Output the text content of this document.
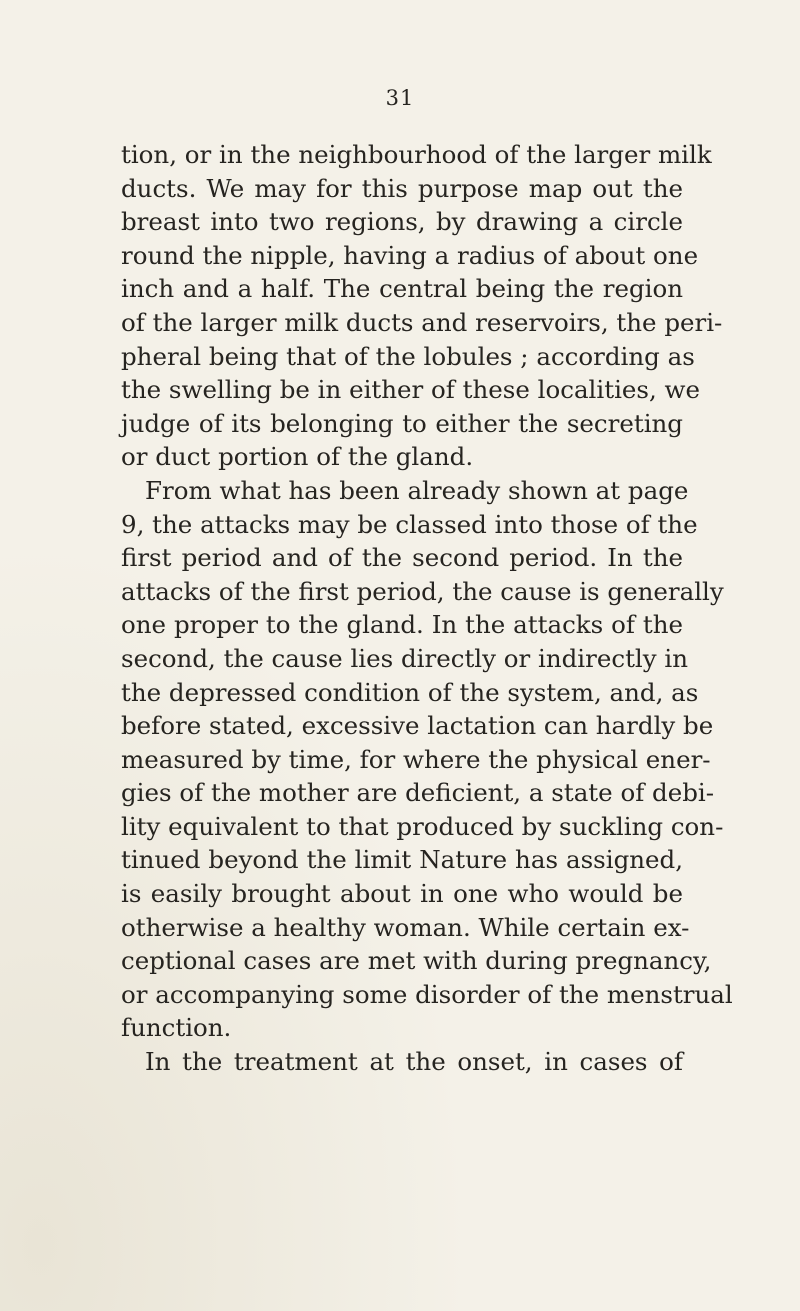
31
tion, or in the neighbourhood of the larger milk
ducts. We may for this purpose map out the
breast into two regions, by drawing a circle
round the nipple, having a radius of about one
inch and a half. The central being the region
of the larger milk ducts and reservoirs, the peri-
pheral being that of the lobules ; according as
the swelling be in either of these localities, we
judge of its belonging to either the secreting
or duct portion of the gland.
From what has been already shown at page
9, the attacks may be classed into those of the
first period and of the second period. In the
attacks of the first period, the cause is generally
one proper to the gland. In the attacks of the
second, the cause lies directly or indirectly in
the depressed condition of the system, and, as
before stated, excessive lactation can hardly be
measured by time, for where the physical ener-
gies of the mother are deficient, a state of debi-
lity equivalent to that produced by suckling con-
tinued beyond the limit Nature has assigned,
is easily brought about in one who would be
otherwise a healthy woman. While certain ex-
ceptional cases are met with during pregnancy,
or accompanying some disorder of the menstrual
function.
In the treatment at the onset, in cases of
